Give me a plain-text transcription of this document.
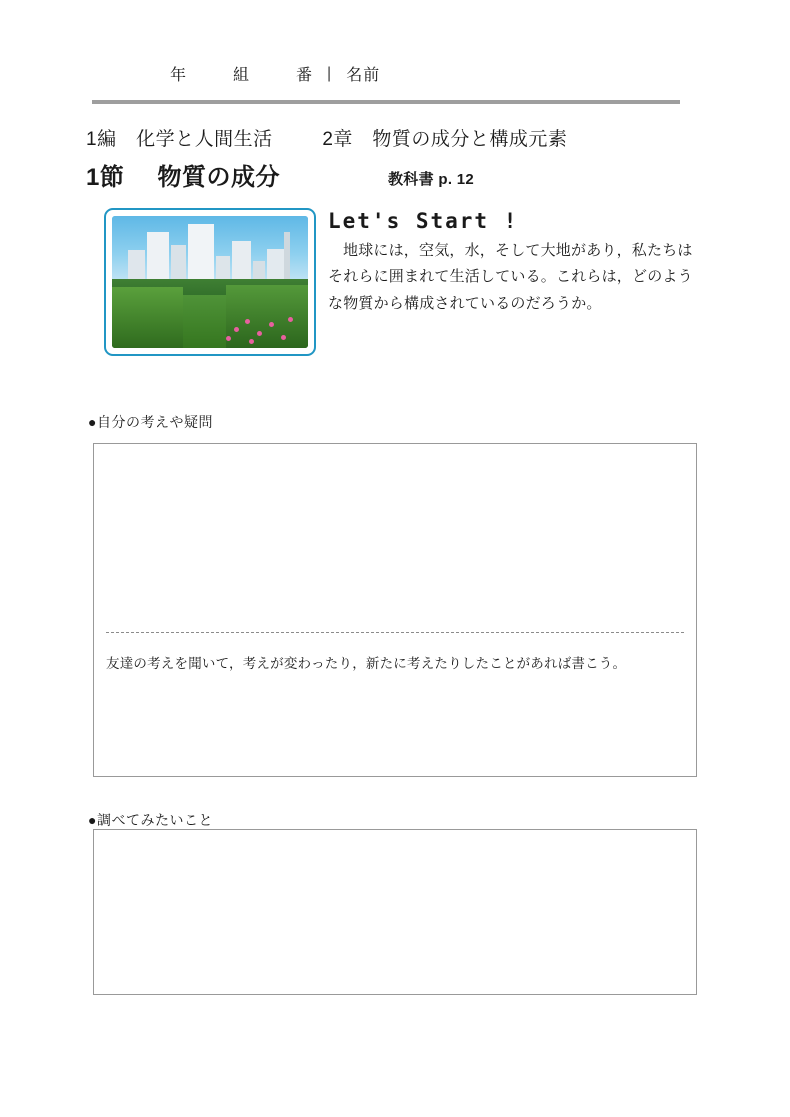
年	組	番 | 名前
1編　化学と人間生活	2章　物質の成分と構成元素
1節 物質の成分	教科書 p. 12
Let's Start !
地球には，空気，水，そして大地があり，私たちはそれらに囲まれて生活している。これらは，どのような物質から構成されているのだろうか。
●自分の考えや疑問
友達の考えを聞いて，考えが変わったり，新たに考えたりしたことがあれば書こう。
●調べてみたいこと
